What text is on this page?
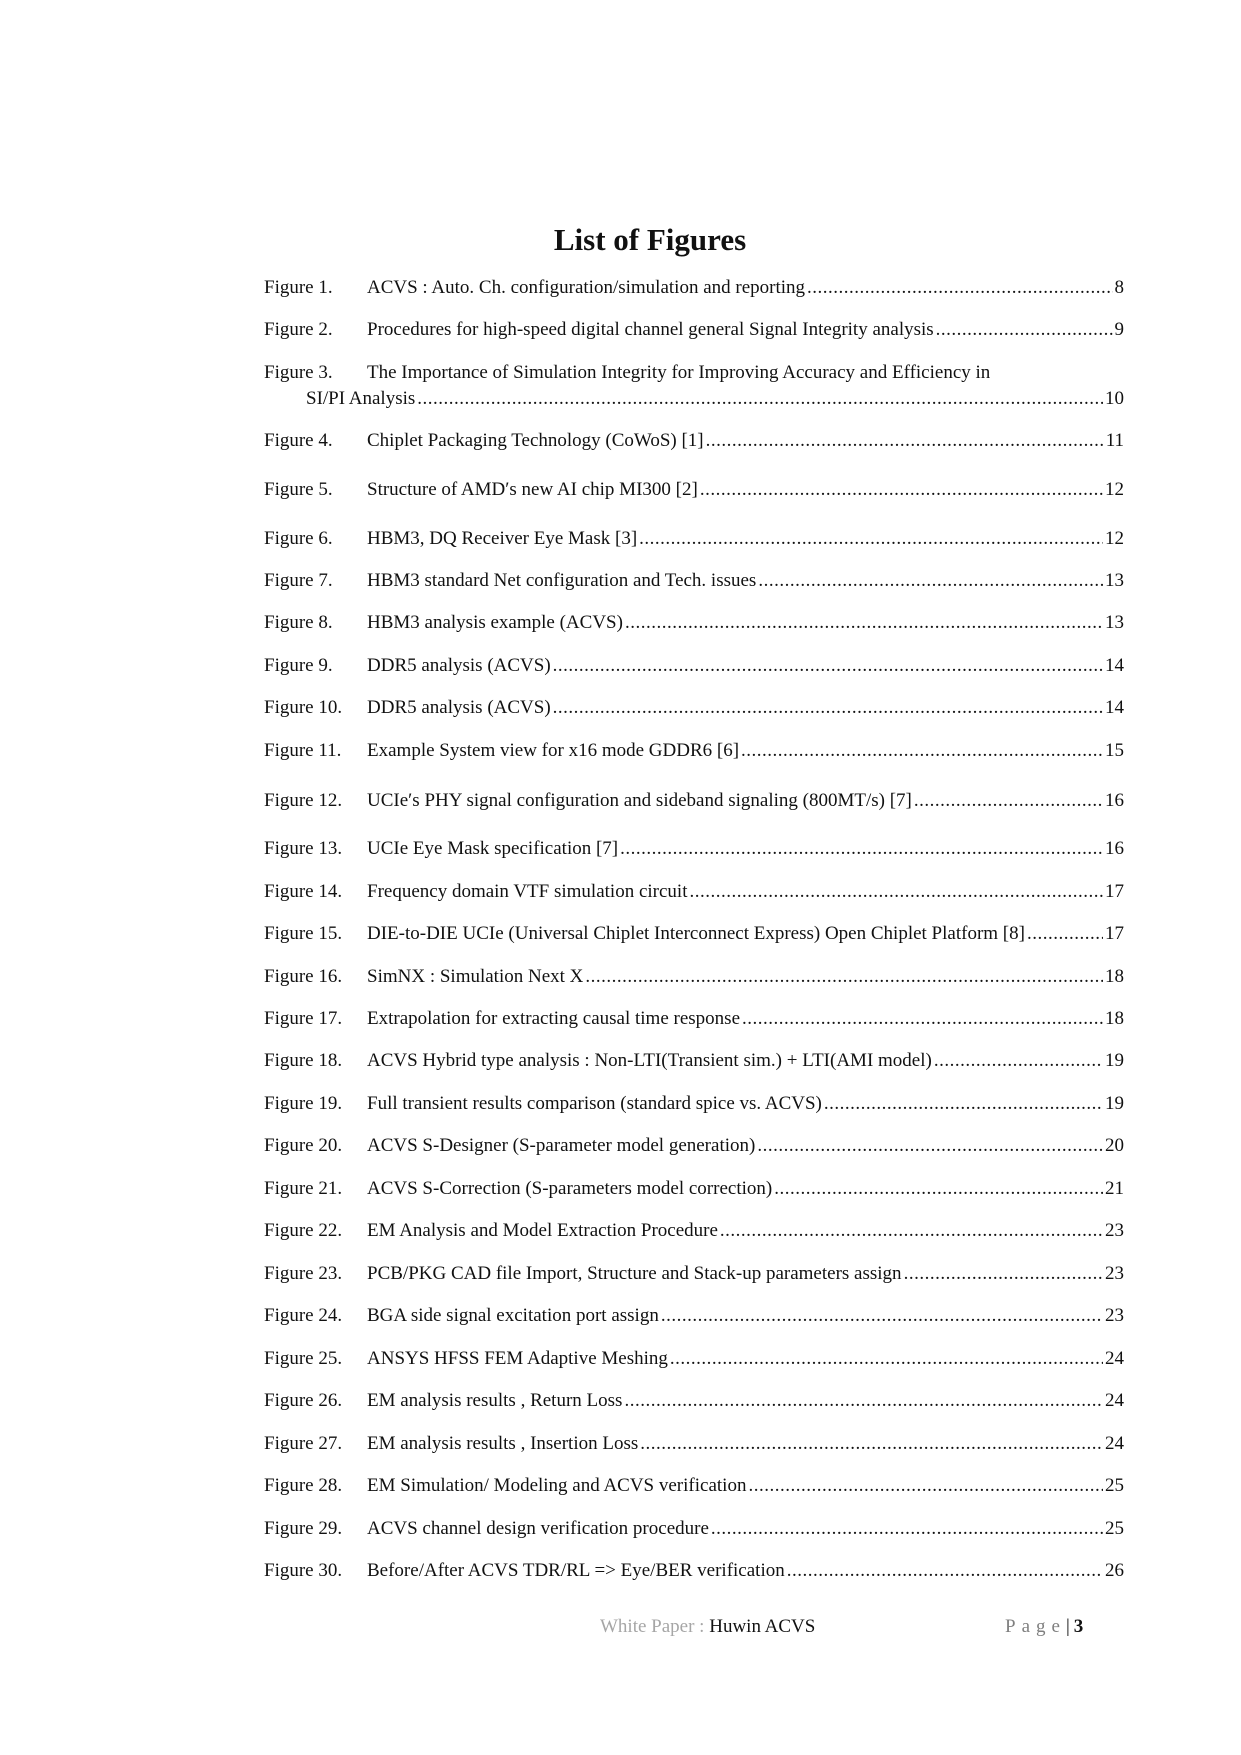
List of Figures
Figure 1.	ACVS : Auto. Ch. configuration/simulation and reporting .....	8
Figure 2.	Procedures for high-speed digital channel general Signal Integrity analysis .....	9
Figure 3.	The Importance of Simulation Integrity for Improving Accuracy and Efficiency in
SI/PI Analysis .....	10
Figure 4.	Chiplet Packaging Technology (CoWoS) [1] .....	11
Figure 5.	Structure of AMD′s new AI chip MI300 [2] .....	12
Figure 6.	HBM3, DQ Receiver Eye Mask [3] .....	12
Figure 7.	HBM3 standard Net configuration and Tech. issues .....	13
Figure 8.	HBM3 analysis example (ACVS) .....	13
Figure 9.	DDR5 analysis (ACVS) .....	14
Figure 10.	DDR5 analysis (ACVS) .....	14
Figure 11.	Example System view for x16 mode GDDR6 [6] .....	15
Figure 12.	UCIe′s PHY signal configuration and sideband signaling (800MT/s) [7] .....	16
Figure 13.	UCIe Eye Mask specification [7] .....	16
Figure 14.	Frequency domain VTF simulation circuit .....	17
Figure 15.	DIE-to-DIE UCIe (Universal Chiplet Interconnect Express) Open Chiplet Platform [8] .....	17
Figure 16.	SimNX : Simulation Next X .....	18
Figure 17.	Extrapolation for extracting causal time response .....	18
Figure 18.	ACVS Hybrid type analysis : Non-LTI(Transient sim.) + LTI(AMI model) .....	19
Figure 19.	Full transient results comparison (standard spice vs. ACVS) .....	19
Figure 20.	ACVS S-Designer (S-parameter model generation) .....	20
Figure 21.	ACVS S-Correction (S-parameters model correction) .....	21
Figure 22.	EM Analysis and Model Extraction Procedure .....	23
Figure 23.	PCB/PKG CAD file Import, Structure and Stack-up parameters assign .....	23
Figure 24.	BGA side signal excitation port assign .....	23
Figure 25.	ANSYS HFSS FEM Adaptive Meshing .....	24
Figure 26.	EM analysis results , Return Loss .....	24
Figure 27.	EM analysis results , Insertion Loss .....	24
Figure 28.	EM Simulation/ Modeling and ACVS verification .....	25
Figure 29.	ACVS channel design verification procedure .....	25
Figure 30.	Before/After ACVS TDR/RL => Eye/BER verification .....	26
White Paper : Huwin ACVS	Page| 3
